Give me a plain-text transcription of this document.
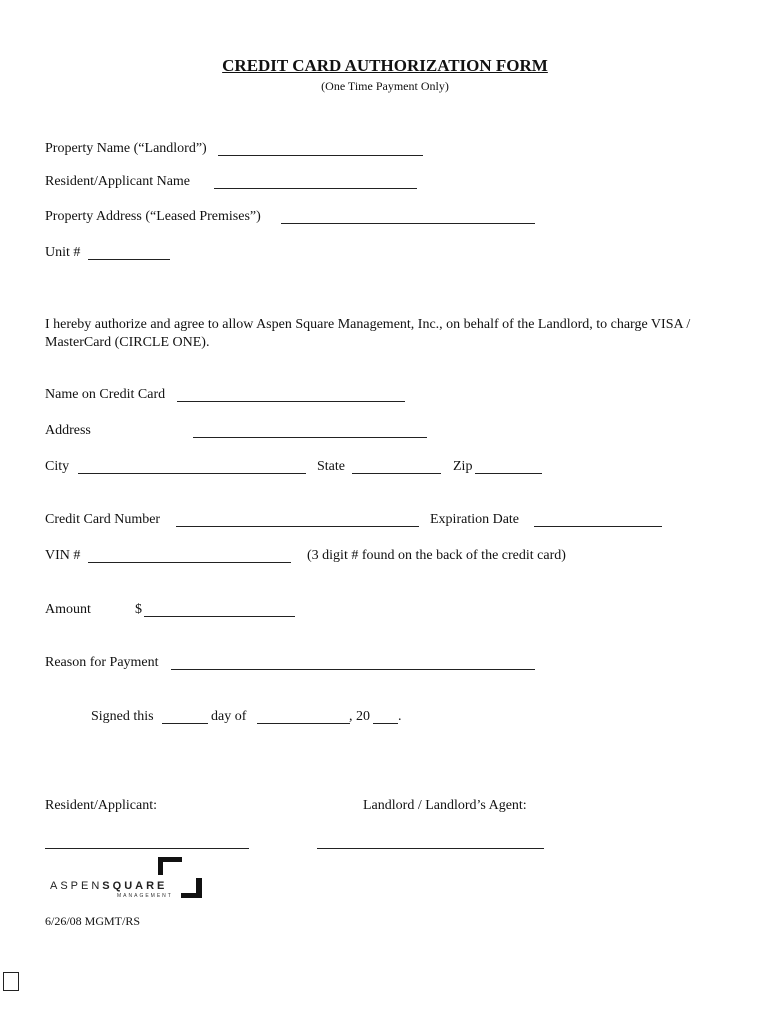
CREDIT CARD AUTHORIZATION FORM
(One Time Payment Only)
Property Name (“Landlord”)
Resident/Applicant Name
Property Address (“Leased Premises”)
Unit #
I hereby authorize and agree to allow Aspen Square Management, Inc., on behalf of the Landlord, to charge VISA / MasterCard (CIRCLE ONE).
Name on Credit Card
Address
City	State	Zip
Credit Card Number	Expiration Date
VIN #	(3 digit # found on the back of the credit card)
Amount	$
Reason for Payment
Signed this	day of	, 20 .
Resident/Applicant:	Landlord / Landlord’s Agent:
ASPENSQUARE
MANAGEMENT
6/26/08 MGMT/RS
